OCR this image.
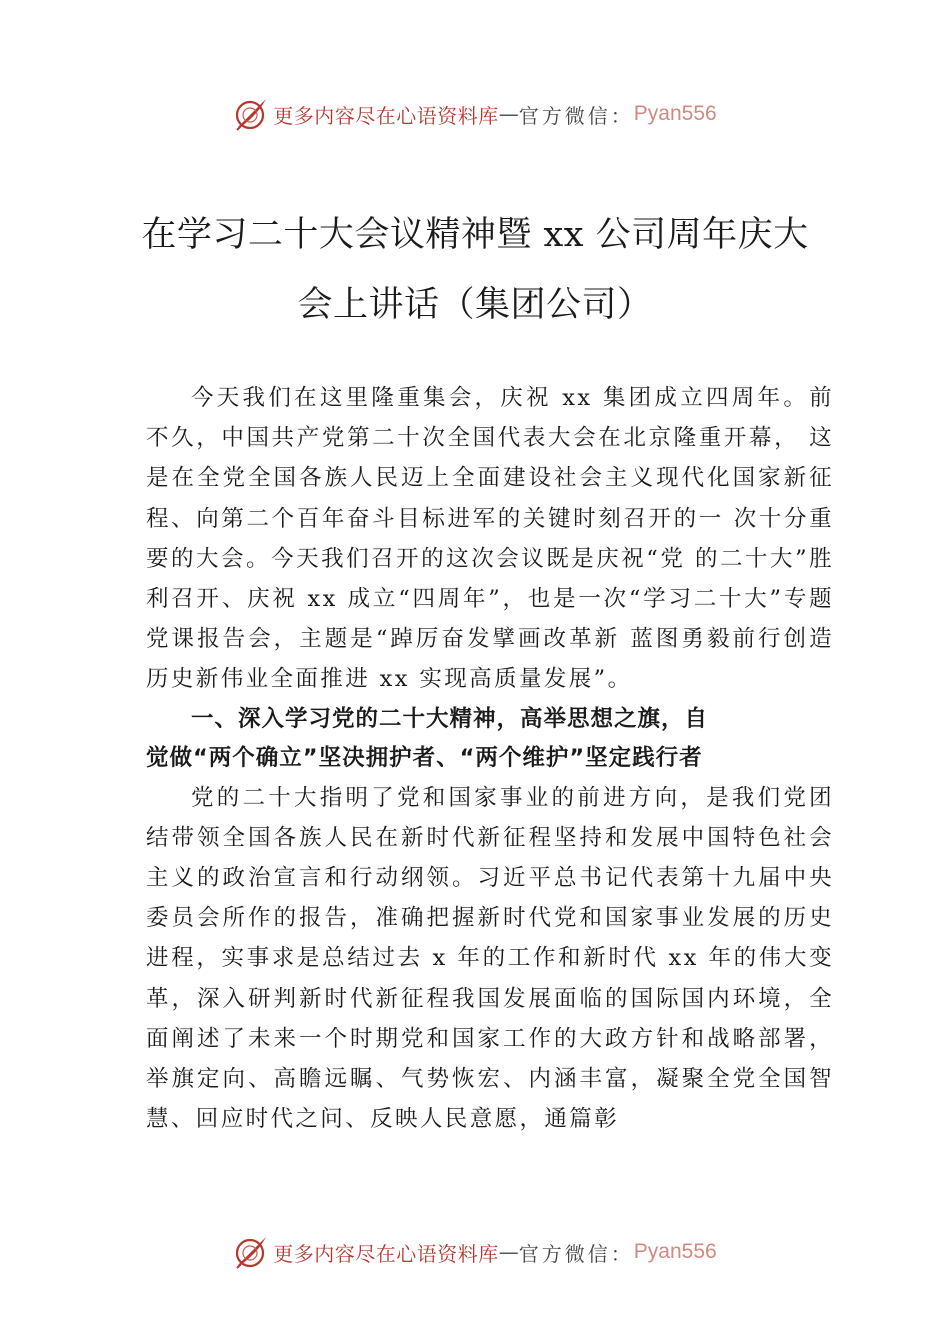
更多内容尽在心语资料库 — 官方微信： Pyan556
在学习二十大会议精神暨 xx 公司周年庆大
会上讲话（集团公司）

今天我们在这里隆重集会，庆祝 xx 集团成立四周年。前不久，中国共产党第二十次全国代表大会在北京隆重开幕， 这是在全党全国各族人民迈上全面建设社会主义现代化国家新征程、向第二个百年奋斗目标进军的关键时刻召开的一 次十分重要的大会。今天我们召开的这次会议既是庆祝“党 的二十大”胜利召开、庆祝 xx 成立“四周年”，也是一次“学习二十大”专题党课报告会，主题是“踔厉奋发擘画改革新 蓝图勇毅前行创造历史新伟业全面推进 xx 实现高质量发展”。

一、深入学习党的二十大精神，高举思想之旗，自
觉做“两个确立”坚决拥护者、“两个维护”坚定践行者

党的二十大指明了党和国家事业的前进方向，是我们党团结带领全国各族人民在新时代新征程坚持和发展中国特色社会主义的政治宣言和行动纲领。习近平总书记代表第十九届中央委员会所作的报告，准确把握新时代党和国家事业发展的历史进程，实事求是总结过去 x 年的工作和新时代 xx 年的伟大变革，深入研判新时代新征程我国发展面临的国际国内环境，全面阐述了未来一个时期党和国家工作的大政方针和战略部署，举旗定向、高瞻远瞩、气势恢宏、内涵丰富，凝聚全党全国智慧、回应时代之问、反映人民意愿，通篇彰

更多内容尽在心语资料库 — 官方微信： Pyan556
